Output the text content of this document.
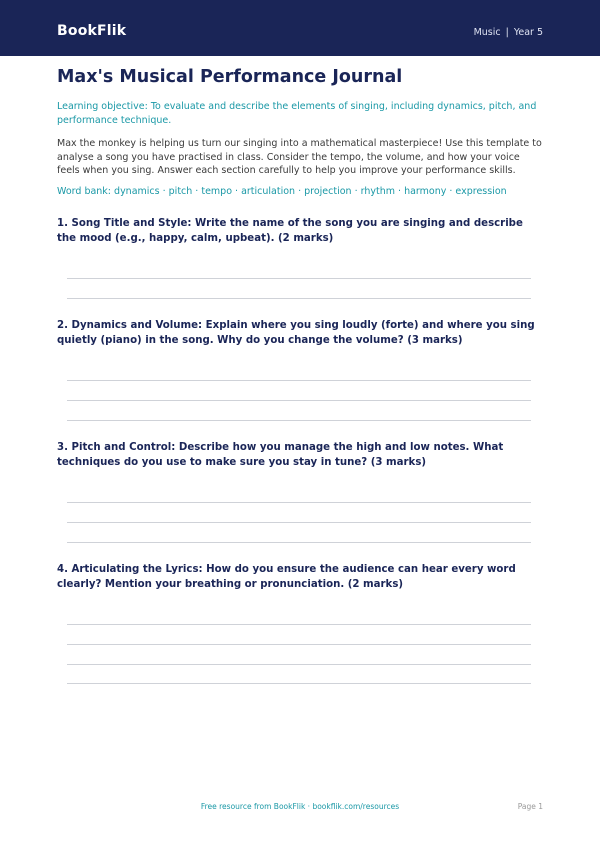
BookFlik	Music | Year 5
Max's Musical Performance Journal

Learning objective: To evaluate and describe the elements of singing, including dynamics, pitch, and performance technique.

Max the monkey is helping us turn our singing into a mathematical masterpiece! Use this template to analyse a song you have practised in class. Consider the tempo, the volume, and how your voice feels when you sing. Answer each section carefully to help you improve your performance skills.

Word bank: dynamics · pitch · tempo · articulation · projection · rhythm · harmony · expression

1. Song Title and Style: Write the name of the song you are singing and describe the mood (e.g., happy, calm, upbeat). (2 marks)
2. Dynamics and Volume: Explain where you sing loudly (forte) and where you sing quietly (piano) in the song. Why do you change the volume? (3 marks)
3. Pitch and Control: Describe how you manage the high and low notes. What techniques do you use to make sure you stay in tune? (3 marks)
4. Articulating the Lyrics: How do you ensure the audience can hear every word clearly? Mention your breathing or pronunciation. (2 marks)
Free resource from BookFlik · bookflik.com/resources	Page 1
